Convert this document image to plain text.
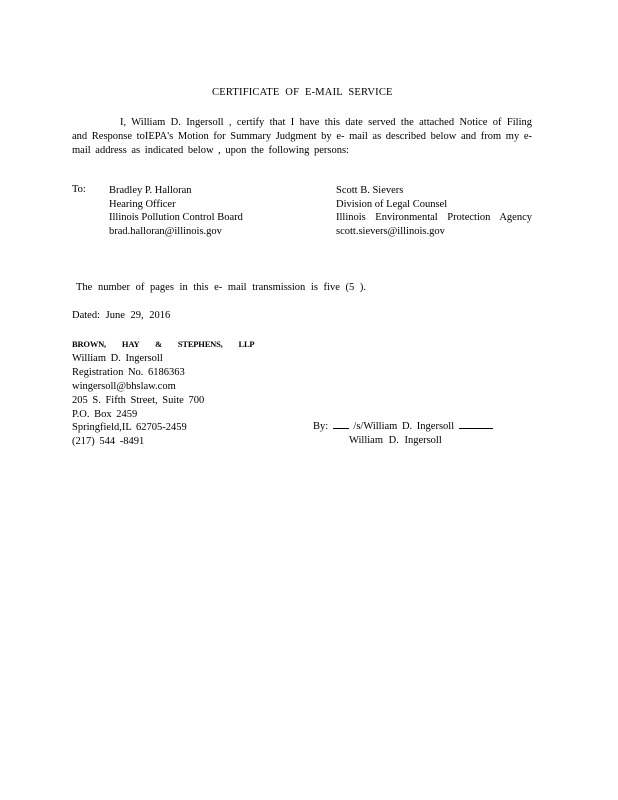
CERTIFICATE OF E-MAIL SERVICE
I, William D. Ingersoll , certify that I have this date served the attached Notice of Filing and Response toIEPA's Motion for Summary Judgment by e- mail as described below and from my e-mail address as indicated below , upon the following persons:
To: Bradley P. Halloran
Hearing Officer
Illinois Pollution Control Board
brad.halloran@illinois.gov
Scott B. Sievers
Division of Legal Counsel
Illinois Environmental Protection Agency
scott.sievers@illinois.gov
The number of pages in this e- mail transmission is five (5 ).
Dated: June 29, 2016
BROWN, HAY & STEPHENS, LLP
William D. Ingersoll
Registration No. 6186363
wingersoll@bhslaw.com
205 S. Fifth Street, Suite 700
P.O. Box 2459
Springfield,IL 62705-2459
(217) 544 -8491
By: /s/William D. Ingersoll
William D. Ingersoll
